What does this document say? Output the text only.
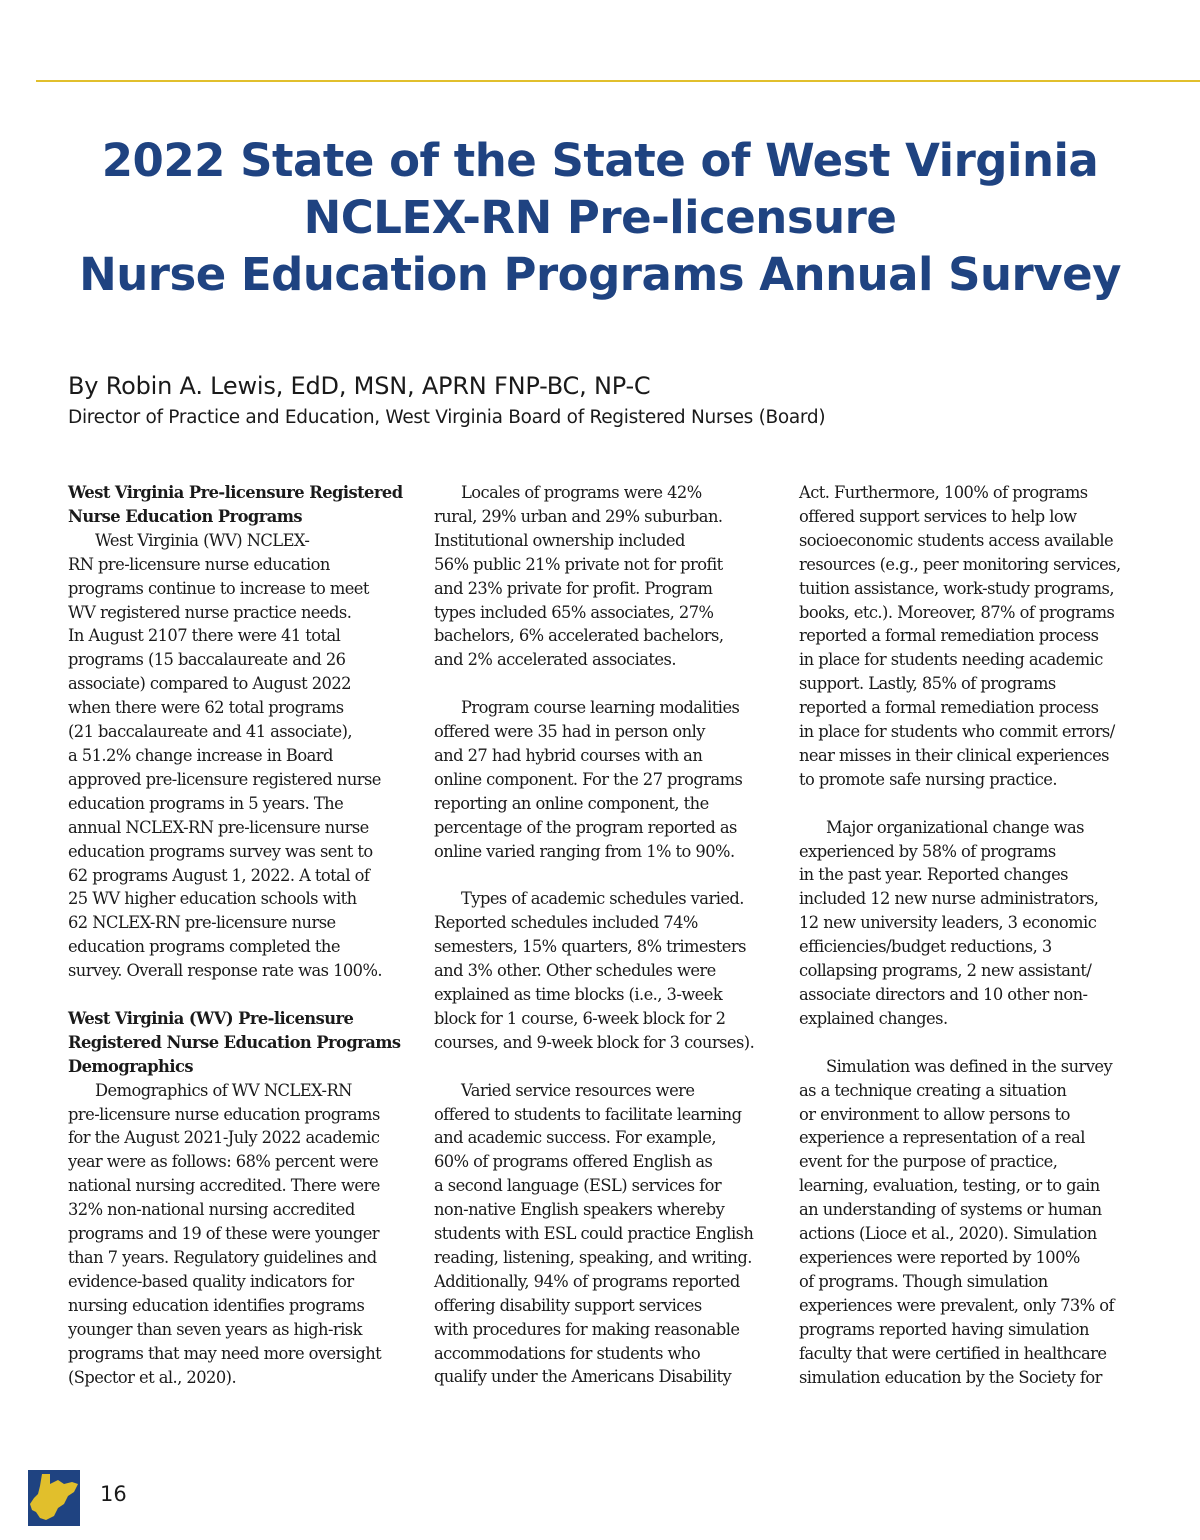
2022 State of the State of West Virginia
NCLEX-RN Pre-licensure
Nurse Education Programs Annual Survey
By Robin A. Lewis, EdD, MSN, APRN FNP-BC, NP-C
Director of Practice and Education, West Virginia Board of Registered Nurses (Board)
West Virginia Pre-licensure Registered
Nurse Education Programs
West Virginia (WV) NCLEX-
RN pre-licensure nurse education
programs continue to increase to meet
WV registered nurse practice needs.
In August 2107 there were 41 total
programs (15 baccalaureate and 26
associate) compared to August 2022
when there were 62 total programs
(21 baccalaureate and 41 associate),
a 51.2% change increase in Board
approved pre-licensure registered nurse
education programs in 5 years. The
annual NCLEX-RN pre-licensure nurse
education programs survey was sent to
62 programs August 1, 2022. A total of
25 WV higher education schools with
62 NCLEX-RN pre-licensure nurse
education programs completed the
survey. Overall response rate was 100%.
West Virginia (WV) Pre-licensure
Registered Nurse Education Programs
Demographics
Demographics of WV NCLEX-RN
pre-licensure nurse education programs
for the August 2021-July 2022 academic
year were as follows: 68% percent were
national nursing accredited. There were
32% non-national nursing accredited
programs and 19 of these were younger
than 7 years. Regulatory guidelines and
evidence-based quality indicators for
nursing education identifies programs
younger than seven years as high-risk
programs that may need more oversight
(Spector et al., 2020).
Locales of programs were 42%
rural, 29% urban and 29% suburban.
Institutional ownership included
56% public 21% private not for profit
and 23% private for profit. Program
types included 65% associates, 27%
bachelors, 6% accelerated bachelors,
and 2% accelerated associates.
Program course learning modalities
offered were 35 had in person only
and 27 had hybrid courses with an
online component. For the 27 programs
reporting an online component, the
percentage of the program reported as
online varied ranging from 1% to 90%.
Types of academic schedules varied.
Reported schedules included 74%
semesters, 15% quarters, 8% trimesters
and 3% other. Other schedules were
explained as time blocks (i.e., 3-week
block for 1 course, 6-week block for 2
courses, and 9-week block for 3 courses).
Varied service resources were
offered to students to facilitate learning
and academic success. For example,
60% of programs offered English as
a second language (ESL) services for
non-native English speakers whereby
students with ESL could practice English
reading, listening, speaking, and writing.
Additionally, 94% of programs reported
offering disability support services
with procedures for making reasonable
accommodations for students who
qualify under the Americans Disability
Act. Furthermore, 100% of programs
offered support services to help low
socioeconomic students access available
resources (e.g., peer monitoring services,
tuition assistance, work-study programs,
books, etc.). Moreover, 87% of programs
reported a formal remediation process
in place for students needing academic
support. Lastly, 85% of programs
reported a formal remediation process
in place for students who commit errors/
near misses in their clinical experiences
to promote safe nursing practice.
Major organizational change was
experienced by 58% of programs
in the past year. Reported changes
included 12 new nurse administrators,
12 new university leaders, 3 economic
efficiencies/budget reductions, 3
collapsing programs, 2 new assistant/
associate directors and 10 other non-
explained changes.
Simulation was defined in the survey
as a technique creating a situation
or environment to allow persons to
experience a representation of a real
event for the purpose of practice,
learning, evaluation, testing, or to gain
an understanding of systems or human
actions (Lioce et al., 2020). Simulation
experiences were reported by 100%
of programs. Though simulation
experiences were prevalent, only 73% of
programs reported having simulation
faculty that were certified in healthcare
simulation education by the Society for
16
